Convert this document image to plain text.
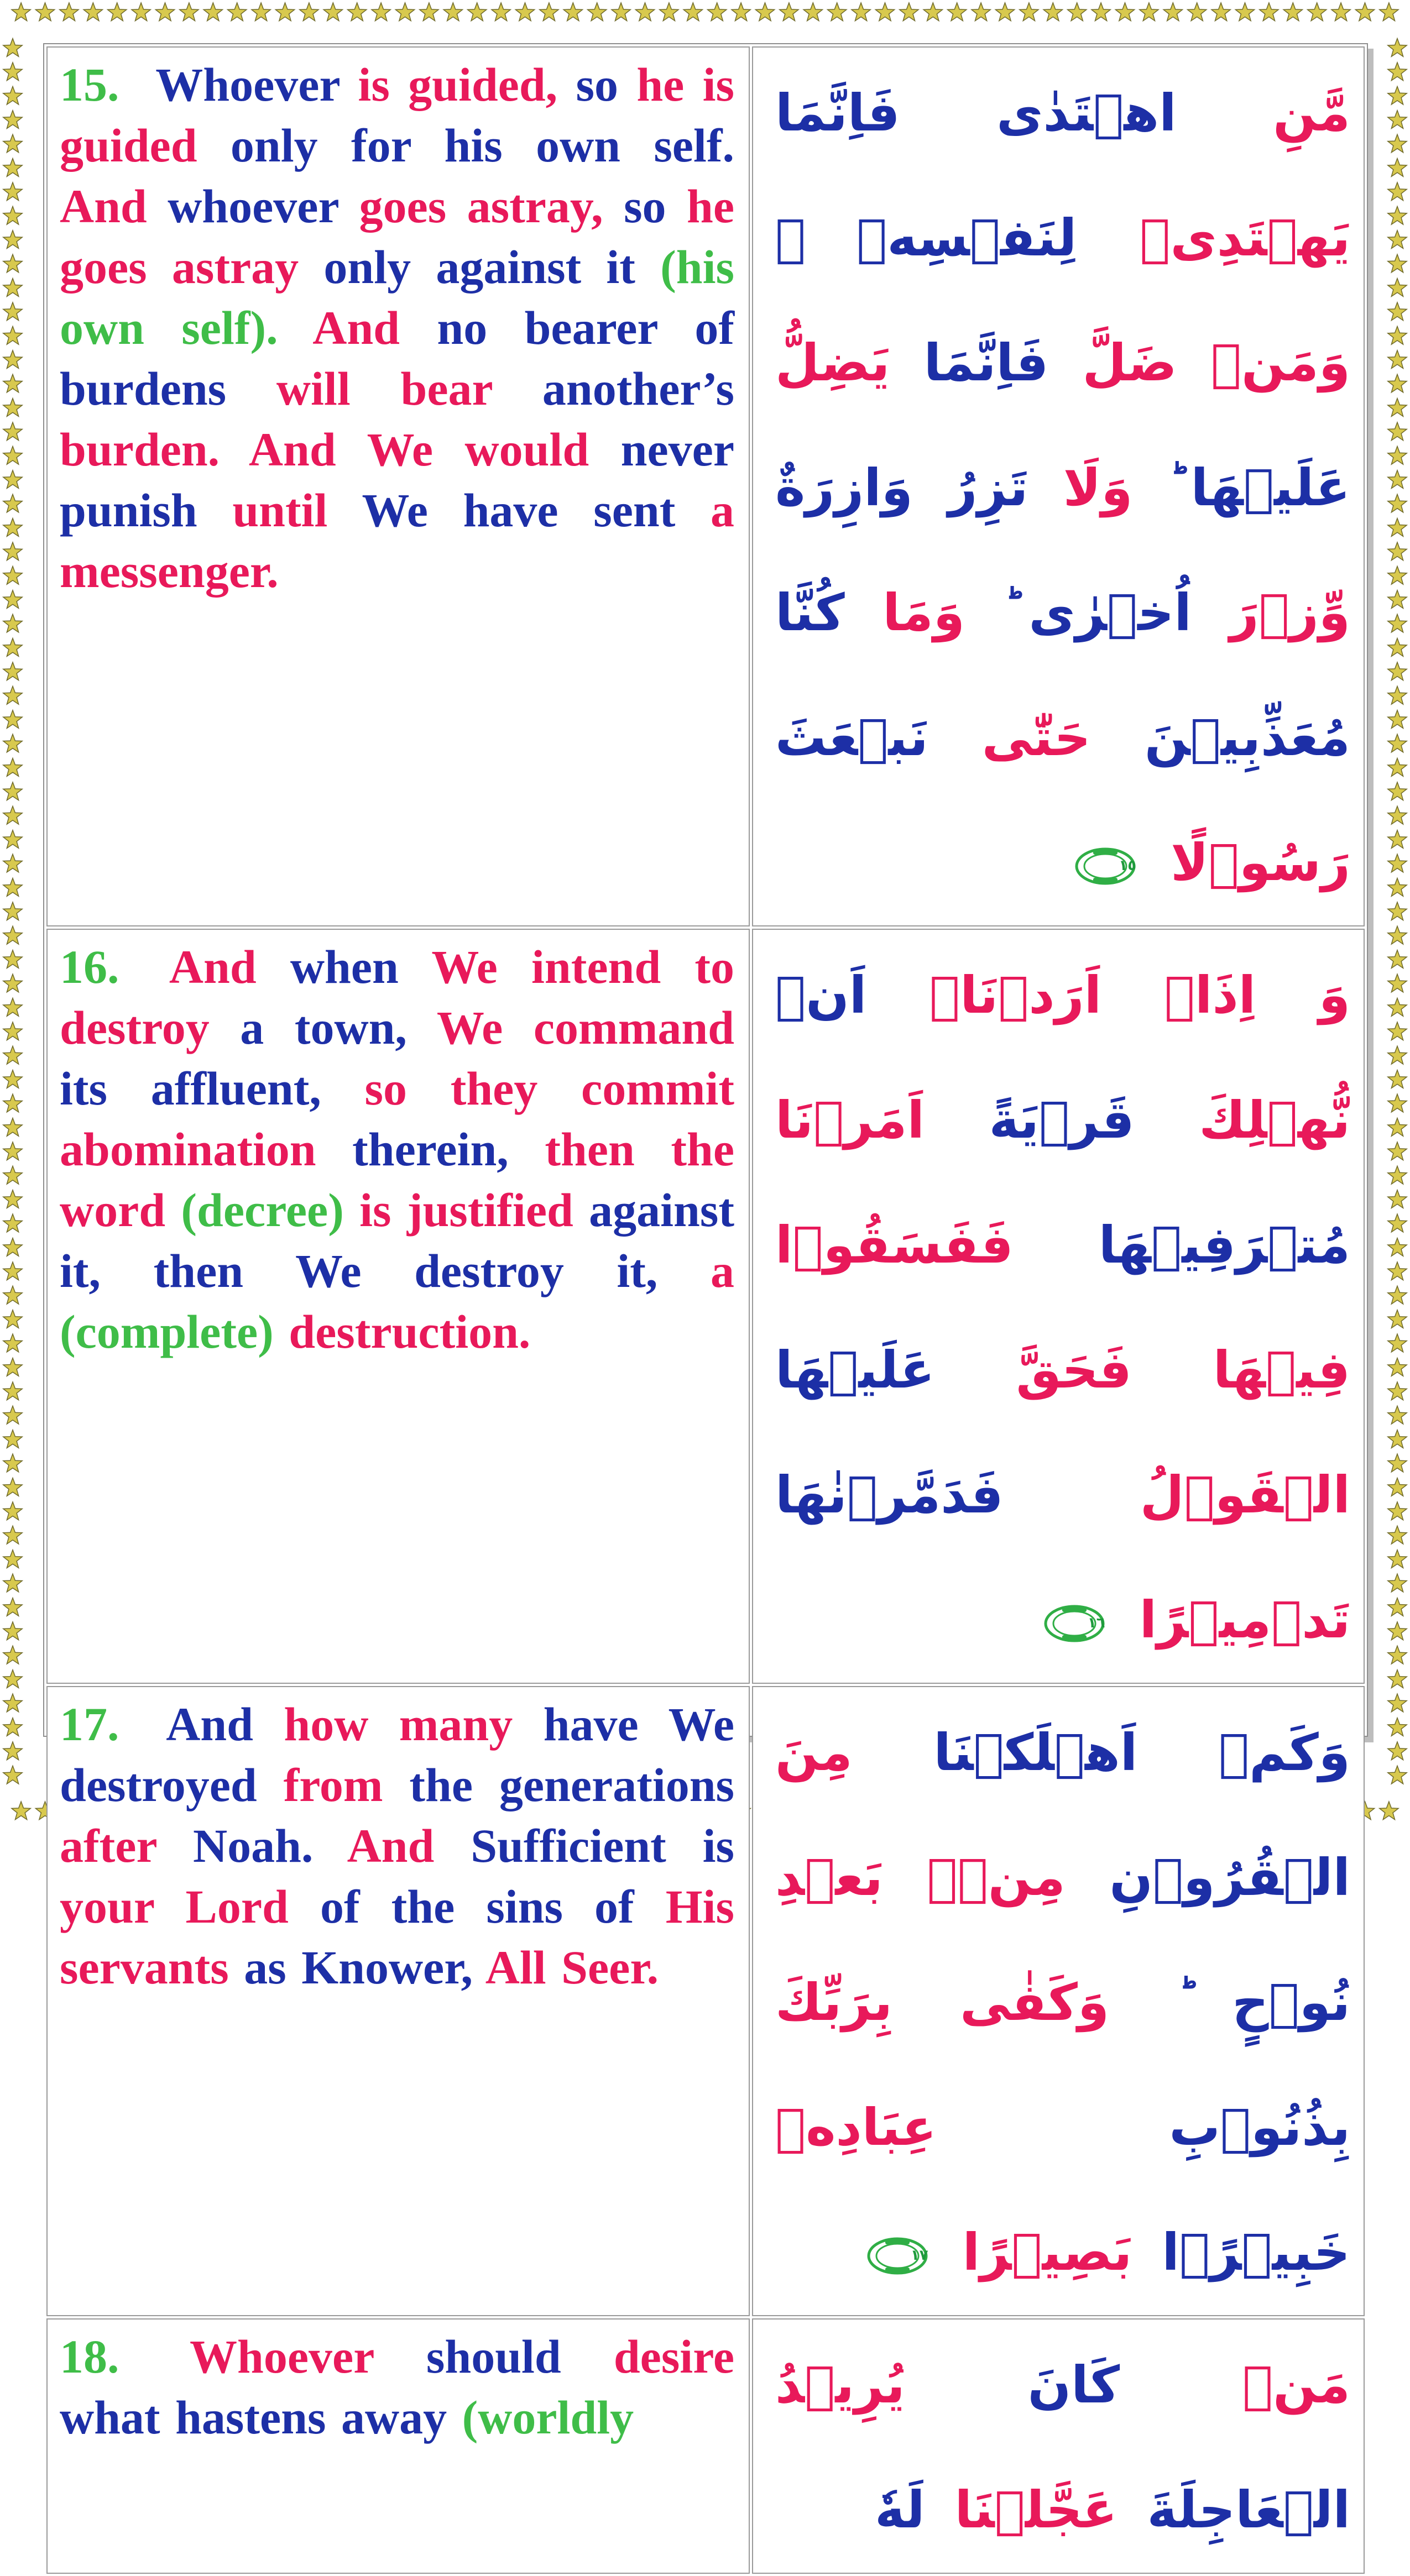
15. Whoever is guided, so he is guided only for his own self. And whoever goes astray, so he goes astray only against it (his own self). And no bearer of burdens will bear another’s burden. And We would never punish until We have sent a messenger.	مَّنِ اهۡتَدٰى فَاِنَّمَا يَهۡتَدِىۡ لِنَفۡسِهٖ ۚ وَمَنۡ ضَلَّ فَاِنَّمَا يَضِلُّ عَلَيۡهَا ؕ وَلَا تَزِرُ وَازِرَةٌ وِّزۡرَ اُخۡرٰى ؕ وَمَا كُنَّا مُعَذِّبِيۡنَ حَتّٰى نَبۡعَثَ رَسُوۡلًا
١٥

16. And when We intend to destroy a town, We command its affluent, so they commit abomination therein, then the word (decree) is justified against it, then We destroy it, a (complete) destruction.	وَ اِذَاۤ اَرَدۡنَاۤ اَنۡ نُّهۡلِكَ قَرۡيَةً اَمَرۡنَا مُتۡرَفِيۡهَا فَفَسَقُوۡا فِيۡهَا فَحَقَّ عَلَيۡهَا الۡقَوۡلُ فَدَمَّرۡنٰهَا تَدۡمِيۡرًا
١٦

17. And how many have We destroyed from the generations after Noah. And Sufficient is your Lord of the sins of His servants as Knower, All Seer.	وَكَمۡ اَهۡلَكۡنَا مِنَ الۡقُرُوۡنِ مِنۡۢ بَعۡدِ نُوۡحٍ ؕ وَكَفٰى بِرَبِّكَ بِذُنُوۡبِ عِبَادِهٖ خَبِيۡرًۢا بَصِيۡرًا
١٧

18. Whoever should desire what hastens away (worldly	مَنۡ كَانَ يُرِيۡدُ الۡعَاجِلَةَ عَجَّلۡنَا لَهٗ
